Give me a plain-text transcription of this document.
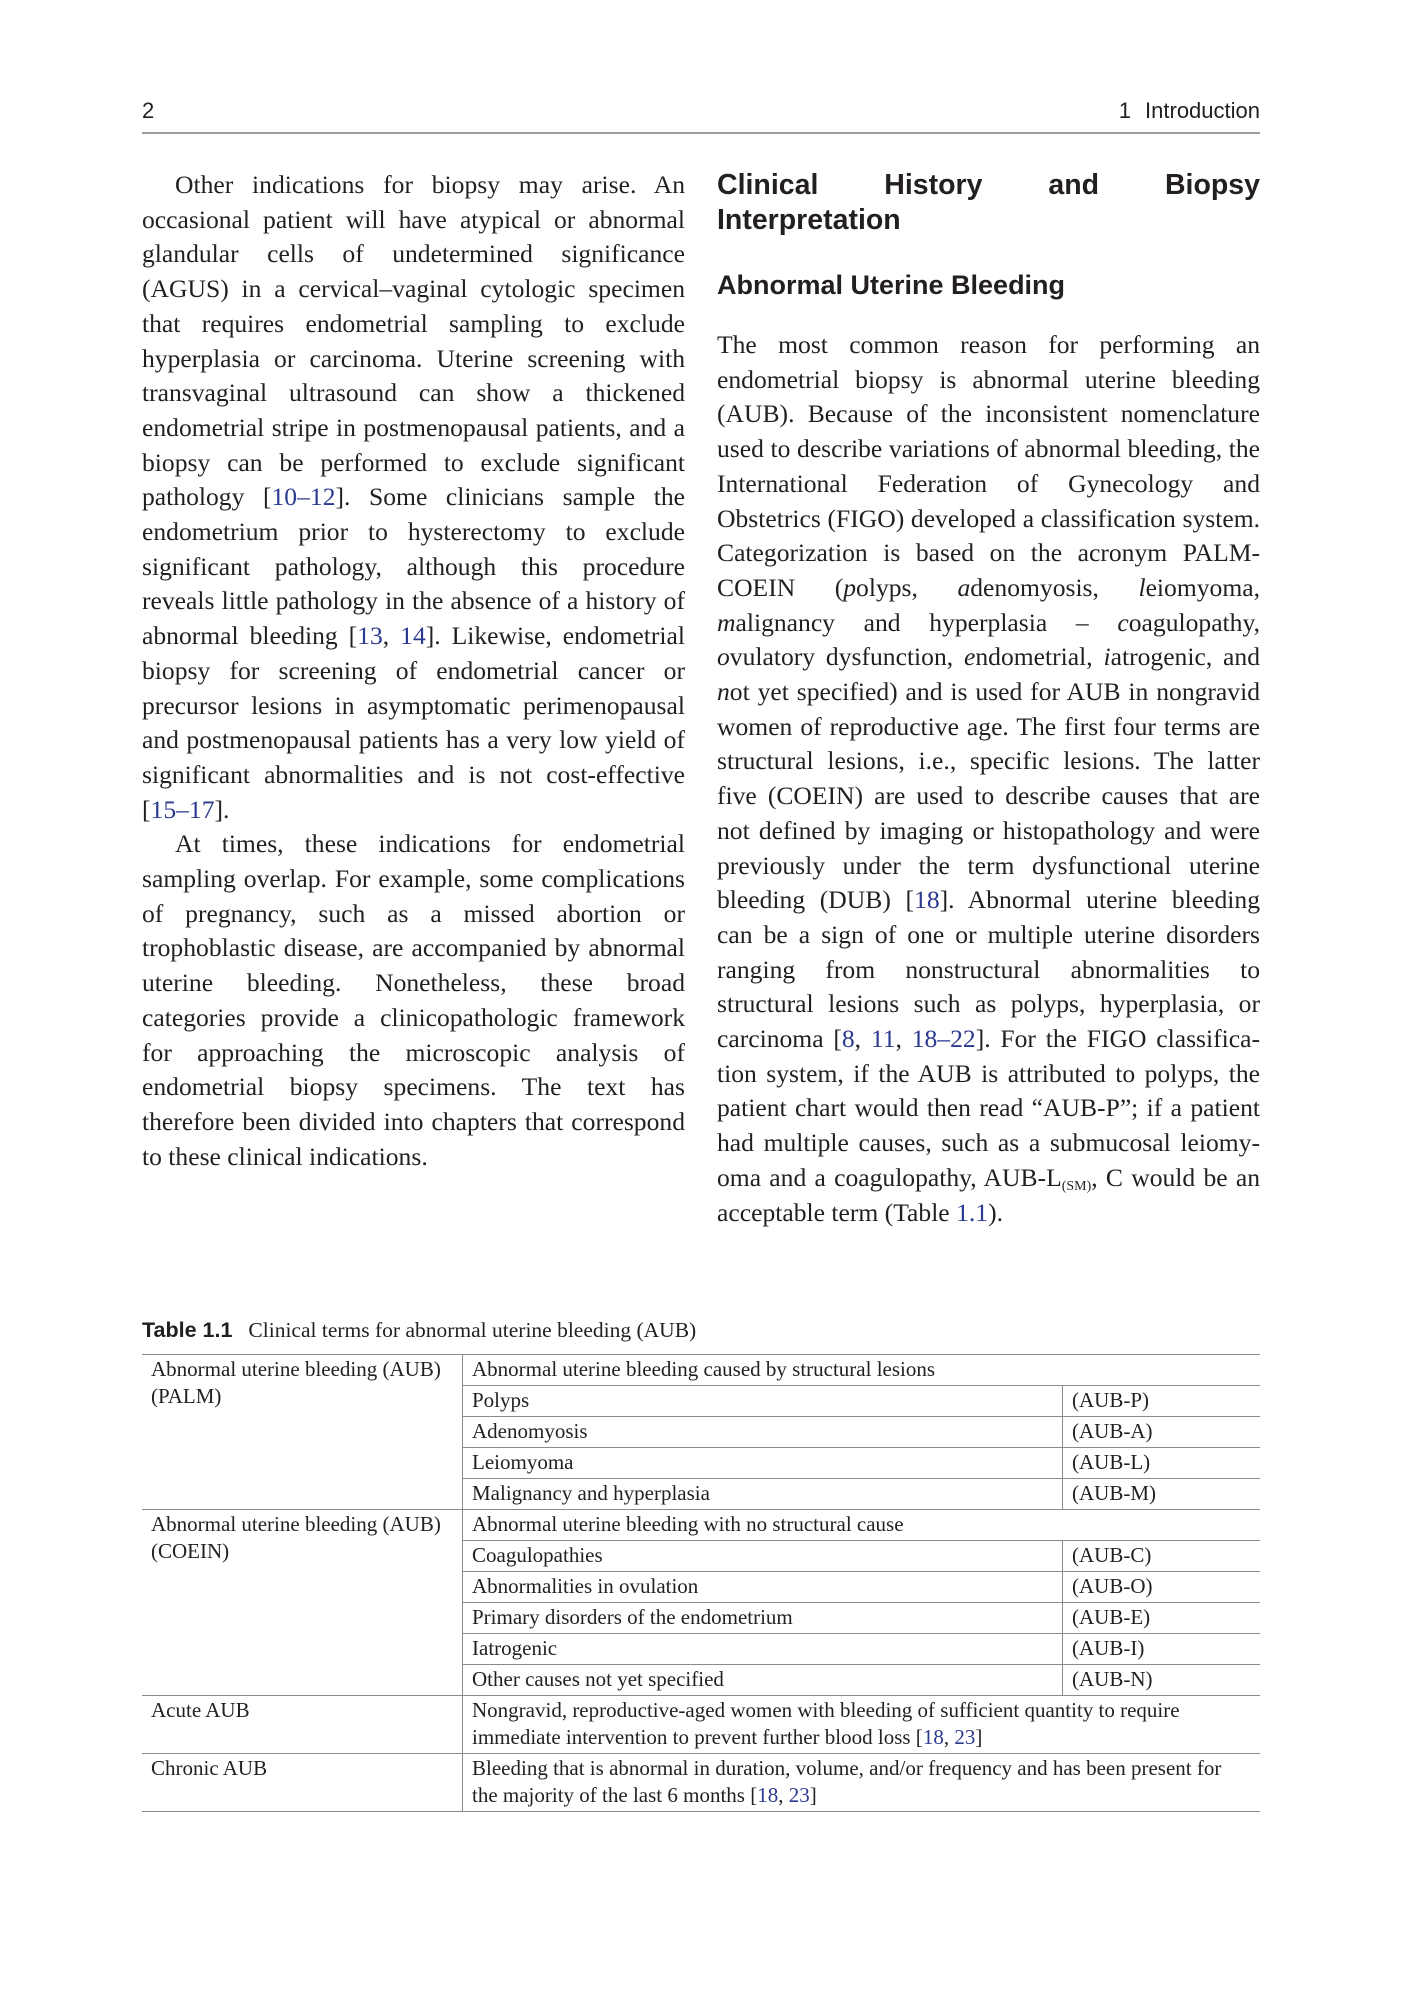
2	1 Introduction

Other indications for biopsy may arise. An occasional patient will have atypical or abnormal glandular cells of undetermined significance (AGUS) in a cervical–vaginal cytologic specimen that requires endometrial sampling to exclude hyperplasia or carcinoma. Uterine screening with transvaginal ultrasound can show a thickened endometrial stripe in postmenopausal patients, and a biopsy can be performed to exclude significant pathology [10–12]. Some clinicians sample the endometrium prior to hysterectomy to exclude significant pathology, although this procedure reveals little pathology in the absence of a history of abnormal bleeding [13, 14]. Likewise, endometrial biopsy for screening of endometrial cancer or precursor lesions in asymptomatic perimenopausal and postmenopausal patients has a very low yield of significant abnormalities and is not cost-effective [15–17].

At times, these indications for endometrial sampling overlap. For example, some complications of pregnancy, such as a missed abortion or trophoblastic disease, are accompanied by abnormal uterine bleeding. Nonetheless, these broad categories provide a clinicopathologic framework for approaching the microscopic analysis of endometrial biopsy specimens. The text has therefore been divided into chapters that correspond to these clinical indications.

Clinical History and Biopsy Interpretation
Abnormal Uterine Bleeding

The most common reason for performing an endometrial biopsy is abnormal uterine bleeding (AUB). Because of the inconsistent nomenclature used to describe variations of abnormal bleeding, the International Federation of Gynecology and Obstetrics (FIGO) developed a classification system. Categorization is based on the acronym PALM-COEIN (polyps, adenomyosis, leiomyoma, malignancy and hyperplasia – coagulopathy, ovulatory dysfunction, endometrial, iatrogenic, and not yet specified) and is used for AUB in nongravid women of reproductive age. The first four terms are structural lesions, i.e., specific lesions. The latter five (COEIN) are used to describe causes that are not defined by imaging or histopathology and were previously under the term dysfunctional uterine bleeding (DUB) [18]. Abnormal uterine bleeding can be a sign of one or multiple uterine disorders ranging from nonstructural abnormalities to structural lesions such as polyps, hyperplasia, or carcinoma [8, 11, 18–22]. For the FIGO classification system, if the AUB is attributed to polyps, the patient chart would then read “AUB-P”; if a patient had multiple causes, such as a submucosal leiomyoma and a coagulopathy, AUB-$L_{(SM)}$, C would be an acceptable term (Table 1.1).

Table 1.1 Clinical terms for abnormal uterine bleeding (AUB)
Abnormal uterine bleeding (AUB) (PALM)	Abnormal uterine bleeding caused by structural lesions	
	Polyps	(AUB-P)
	Adenomyosis	(AUB-A)
	Leiomyoma	(AUB-L)
	Malignancy and hyperplasia	(AUB-M)
Abnormal uterine bleeding (AUB) (COEIN)	Abnormal uterine bleeding with no structural cause	
	Coagulopathies	(AUB-C)
	Abnormalities in ovulation	(AUB-O)
	Primary disorders of the endometrium	(AUB-E)
	Iatrogenic	(AUB-I)
	Other causes not yet specified	(AUB-N)
Acute AUB	Nongravid, reproductive-aged women with bleeding of sufficient quantity to require immediate intervention to prevent further blood loss [18, 23]	
Chronic AUB	Bleeding that is abnormal in duration, volume, and/or frequency and has been present for the majority of the last 6 months [18, 23]	
